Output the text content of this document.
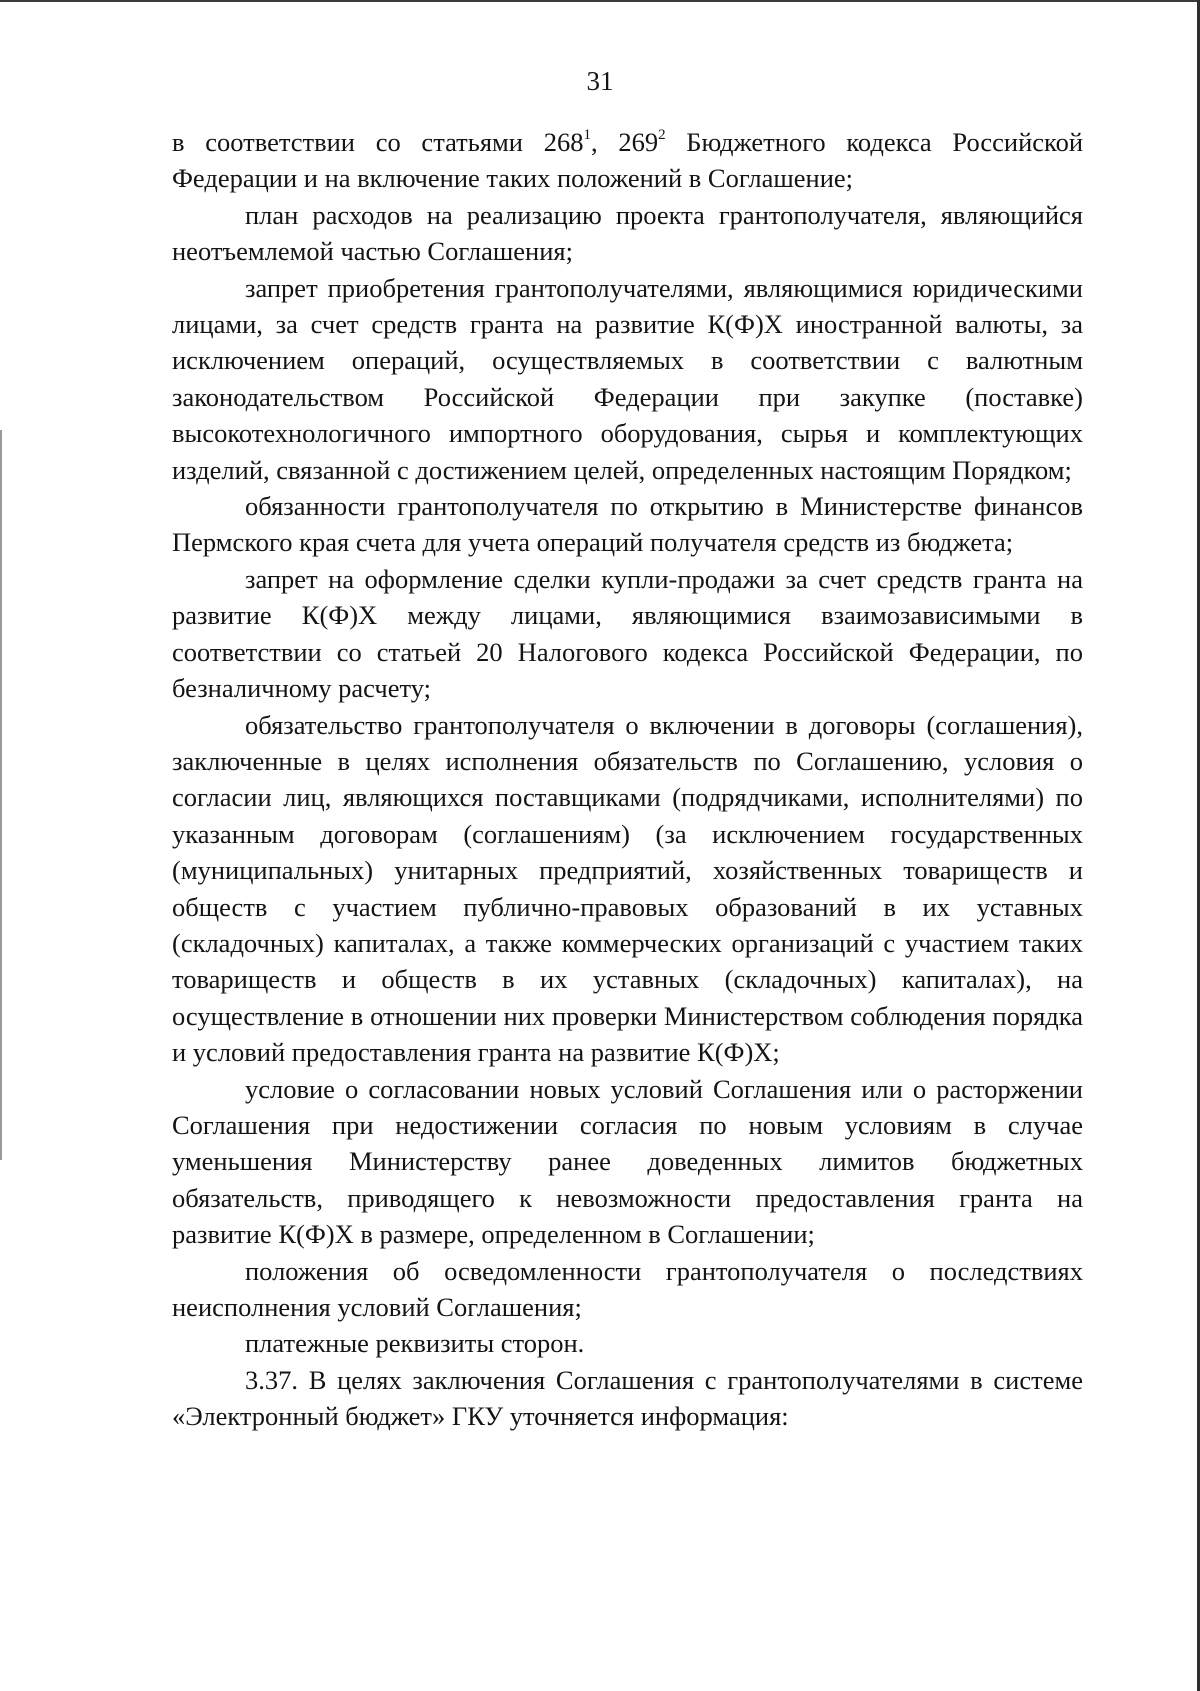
31

в соответствии со статьями $268^1$, $269^2$ Бюджетного кодекса Российской Федерации и на включение таких положений в Соглашение;

план расходов на реализацию проекта грантополучателя, являющийся неотъемлемой частью Соглашения;

запрет приобретения грантополучателями, являющимися юридическими лицами, за счет средств гранта на развитие К(Ф)Х иностранной валюты, за исключением операций, осуществляемых в соответствии с валютным законодательством Российской Федерации при закупке (поставке) высокотехнологичного импортного оборудования, сырья и комплектующих изделий, связанной с достижением целей, определенных настоящим Порядком;

обязанности грантополучателя по открытию в Министерстве финансов Пермского края счета для учета операций получателя средств из бюджета;

запрет на оформление сделки купли-продажи за счет средств гранта на развитие К(Ф)Х между лицами, являющимися взаимозависимыми в соответствии со статьей 20 Налогового кодекса Российской Федерации, по безналичному расчету;

обязательство грантополучателя о включении в договоры (соглашения), заключенные в целях исполнения обязательств по Соглашению, условия о согласии лиц, являющихся поставщиками (подрядчиками, исполнителями) по указанным договорам (соглашениям) (за исключением государственных (муниципальных) унитарных предприятий, хозяйственных товариществ и обществ с участием публично-правовых образований в их уставных (складочных) капиталах, а также коммерческих организаций с участием таких товариществ и обществ в их уставных (складочных) капиталах), на осуществление в отношении них проверки Министерством соблюдения порядка и условий предоставления гранта на развитие К(Ф)Х;

условие о согласовании новых условий Соглашения или о расторжении Соглашения при недостижении согласия по новым условиям в случае уменьшения Министерству ранее доведенных лимитов бюджетных обязательств, приводящего к невозможности предоставления гранта на развитие К(Ф)Х в размере, определенном в Соглашении;

положения об осведомленности грантополучателя о последствиях неисполнения условий Соглашения;

платежные реквизиты сторон.

3.37. В целях заключения Соглашения с грантополучателями в системе «Электронный бюджет» ГКУ уточняется информация:
